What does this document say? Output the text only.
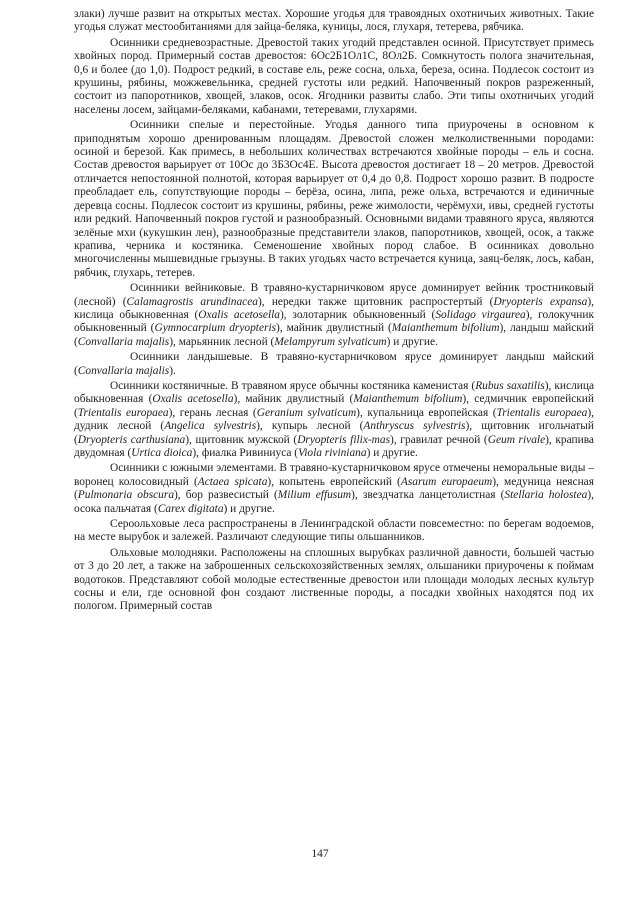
злаки) лучше развит на открытых местах. Хорошие угодья для травоядных охотничьих животных. Такие угодья служат местообитаниями для зайца-беляка, куницы, лося, глухаря, тетерева, рябчика.

Осинники средневозрастные. Древостой таких угодий представлен осиной. Присутствует примесь хвойных пород. Примерный состав древостоя: 6Ос2Б1Ол1С, 8Ол2Б. Сомкнутость полога значительная, 0,6 и более (до 1,0). Подрост редкий, в составе ель, реже сосна, ольха, береза, осина. Подлесок состоит из крушины, рябины, можжевельника, средней густоты или редкий. Напочвенный покров разреженный, состоит из папоротников, хвощей, злаков, осок. Ягодники развиты слабо. Эти типы охотничьих угодий населены лосем, зайцами-беляками, кабанами, тетеревами, глухарями.

Осинники спелые и перестойные. Угодья данного типа приурочены в основном к приподнятым хорошо дренированным площадям. Древостой сложен мелколиственными породами: осиной и березой. Как примесь, в небольших количествах встречаются хвойные породы – ель и сосна. Состав древостоя варьирует от 10Ос до 3Б3Ос4Е. Высота древостоя достигает 18 – 20 метров. Древостой отличается непостоянной полнотой, которая варьирует от 0,4 до 0,8. Подрост хорошо развит. В подросте преобладает ель, сопутствующие породы – берёза, осина, липа, реже ольха, встречаются и единичные деревца сосны. Подлесок состоит из крушины, рябины, реже жимолости, черёмухи, ивы, средней густоты или редкий. Напочвенный покров густой и разнообразный. Основными видами травяного яруса, являются зелёные мхи (кукушкин лен), разнообразные представители злаков, папоротников, хвощей, осок, а также крапива, черника и костяника. Семеношение хвойных пород слабое. В осинниках довольно многочисленны мышевидные грызуны. В таких угодьях часто встречается куница, заяц-беляк, лось, кабан, рябчик, глухарь, тетерев.

Осинники вейниковые. В травяно-кустарничковом ярусе доминирует вейник тростниковый (лесной) (Calamagrostis arundinacea), нередки также щитовник распростертый (Dryopteris expansa), кислица обыкновенная (Oxalis acetosella), золотарник обыкновенный (Solidago virgaurea), голокучник обыкновенный (Gymnocarpium dryopteris), майник двулистный (Maianthemum bifolium), ландыш майский (Convallaria majalis), марьянник лесной (Melampyrum sylvaticum) и другие.

Осинники ландышевые. В травяно-кустарничковом ярусе доминирует ландыш майский (Convallaria majalis).

Осинники костяничные. В травяном ярусе обычны костяника каменистая (Rubus saxatilis), кислица обыкновенная (Oxalis acetosella), майник двулистный (Maianthemum bifolium), седмичник европейский (Trientalis europaea), герань лесная (Geranium sylvaticum), купальница европейская (Trientalis europaea), дудник лесной (Angelica sylvestris), купырь лесной (Anthryscus sylvestris), щитовник игольчатый (Dryopteris carthusiana), щитовник мужской (Dryopteris filix-mas), гравилат речной (Geum rivale), крапива двудомная (Urtica dioica), фиалка Ривиниуса (Viola riviniana) и другие.

Осинники с южными элементами. В травяно-кустарничковом ярусе отмечены неморальные виды – воронец колосовидный (Actaea spicata), копытень европейский (Asarum europaeum), медуница неясная (Pulmonaria obscura), бор развесистый (Milium effusum), звездчатка ланцетолистная (Stellaria holostea), осока пальчатая (Carex digitata) и другие.

Сероольховые леса распространены в Ленинградской области повсеместно: по берегам водоемов, на месте вырубок и залежей. Различают следующие типы ольшанников.

Ольховые молодняки. Расположены на сплошных вырубках различной давности, большей частью от 3 до 20 лет, а также на заброшенных сельскохозяйственных землях, ольшаники приурочены к поймам водотоков. Представляют собой молодые естественные древостои или площади молодых лесных культур сосны и ели, где основной фон создают лиственные породы, а посадки хвойных находятся под их пологом. Примерный состав

147
